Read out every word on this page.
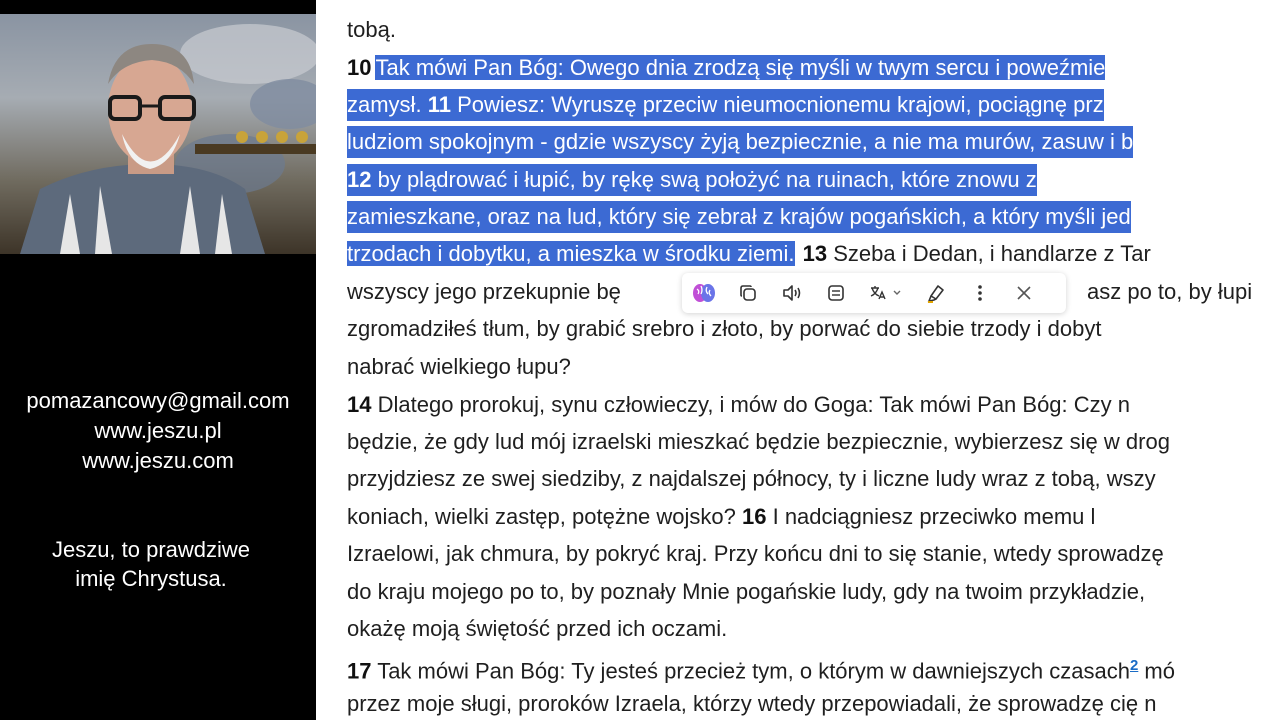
pomazancowy@gmail.com
www.jeszu.pl
www.jeszu.com
Jeszu, to prawdziwe
imię Chrystusa.
tobą.
10 Tak mówi Pan Bóg: Owego dnia zrodzą się myśli w twym sercu i poweźmie
zamysł. 11 Powiesz: Wyruszę przeciw nieumocnionemu krajowi, pociągnę prz
ludziom spokojnym - gdzie wszyscy żyją bezpiecznie, a nie ma murów, zasuw i b
12 by plądrować i łupić, by rękę swą położyć na ruinach, które znowu z
zamieszkane, oraz na lud, który się zebrał z krajów pogańskich, a który myśli jed
trzodach i dobytku, a mieszka w środku ziemi. 13 Szeba i Dedan, i handlarze z Tar
wszyscy jego przekupnie bę	asz po to, by łupi
zgromadziłeś tłum, by grabić srebro i złoto, by porwać do siebie trzody i dobyt
nabrać wielkiego łupu?
14 Dlatego prorokuj, synu człowieczy, i mów do Goga: Tak mówi Pan Bóg: Czy n
będzie, że gdy lud mój izraelski mieszkać będzie bezpiecznie, wybierzesz się w drog
przyjdziesz ze swej siedziby, z najdalszej północy, ty i liczne ludy wraz z tobą, wszy
koniach, wielki zastęp, potężne wojsko? 16 I nadciągniesz przeciwko memu l
Izraelowi, jak chmura, by pokryć kraj. Przy końcu dni to się stanie, wtedy sprowadzę
do kraju mojego po to, by poznały Mnie pogańskie ludy, gdy na twoim przykładzie,
okażę moją świętość przed ich oczami.
17 Tak mówi Pan Bóg: Ty jesteś przecież tym, o którym w dawniejszych czasach$^2$ mó
przez moje sługi, proroków Izraela, którzy wtedy przepowiadali, że sprowadzę cię n
